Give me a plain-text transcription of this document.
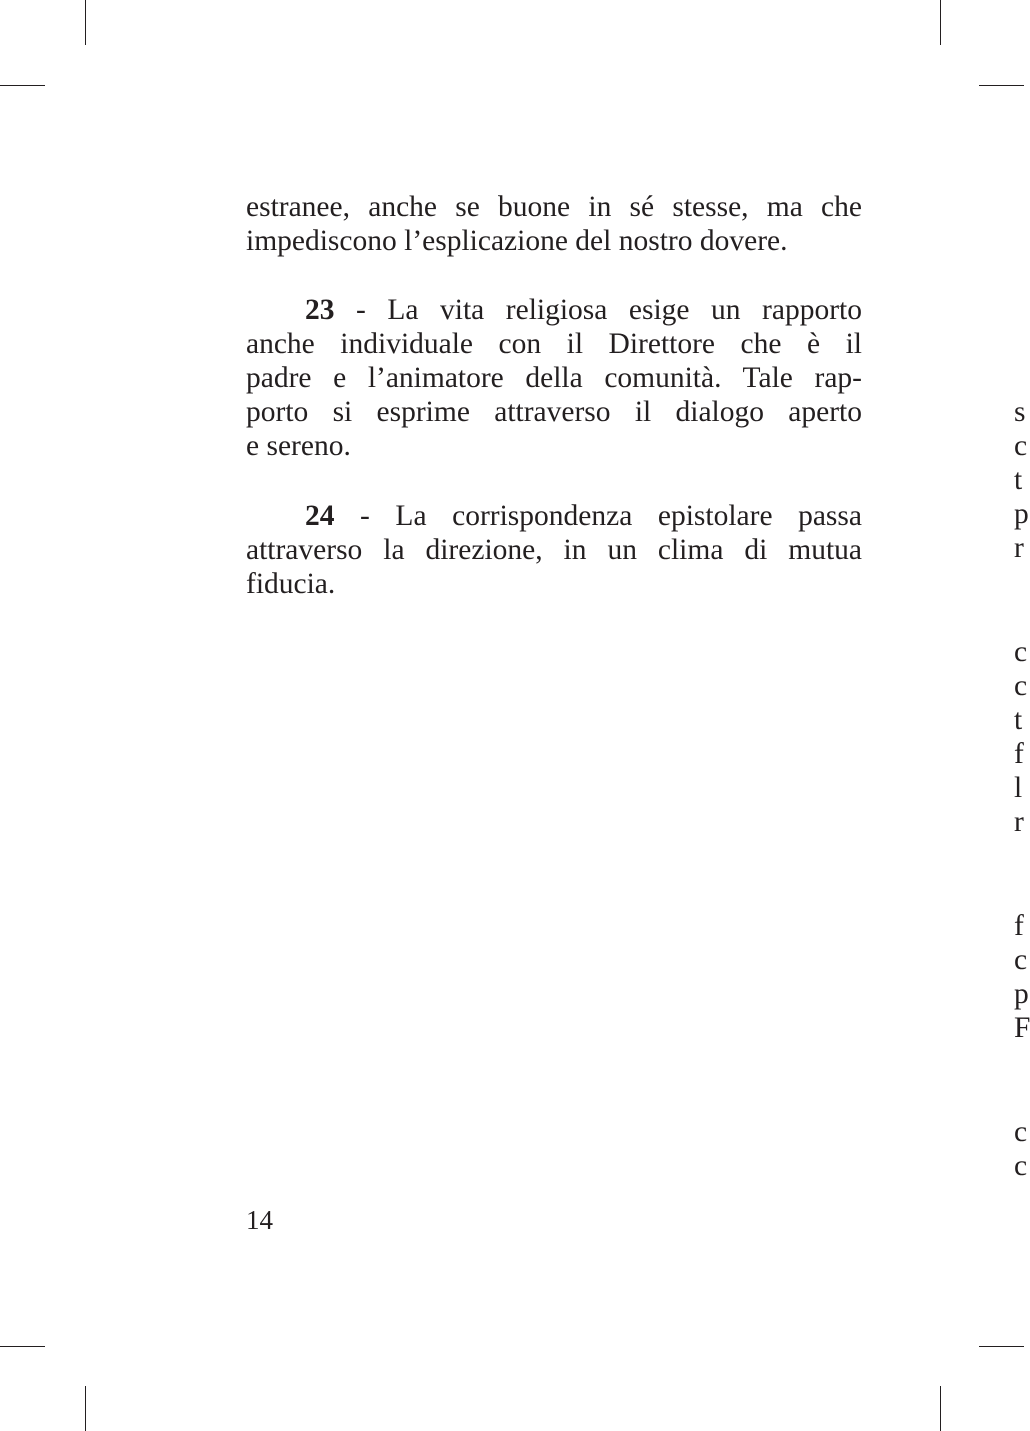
estranee, anche se buone in sé stesse, ma che
impediscono l’esplicazione del nostro dovere.
23 - La vita religiosa esige un rapporto
anche individuale con il Direttore che è il
padre e l’animatore della comunità. Tale rap-
porto si esprime attraverso il dialogo aperto
e sereno.
24 - La corrispondenza epistolare passa
attraverso la direzione, in un clima di mutua
fiducia.
14
s
c
t
p
r
c
c
t
f
l
r
f
c
p
F
c
c
